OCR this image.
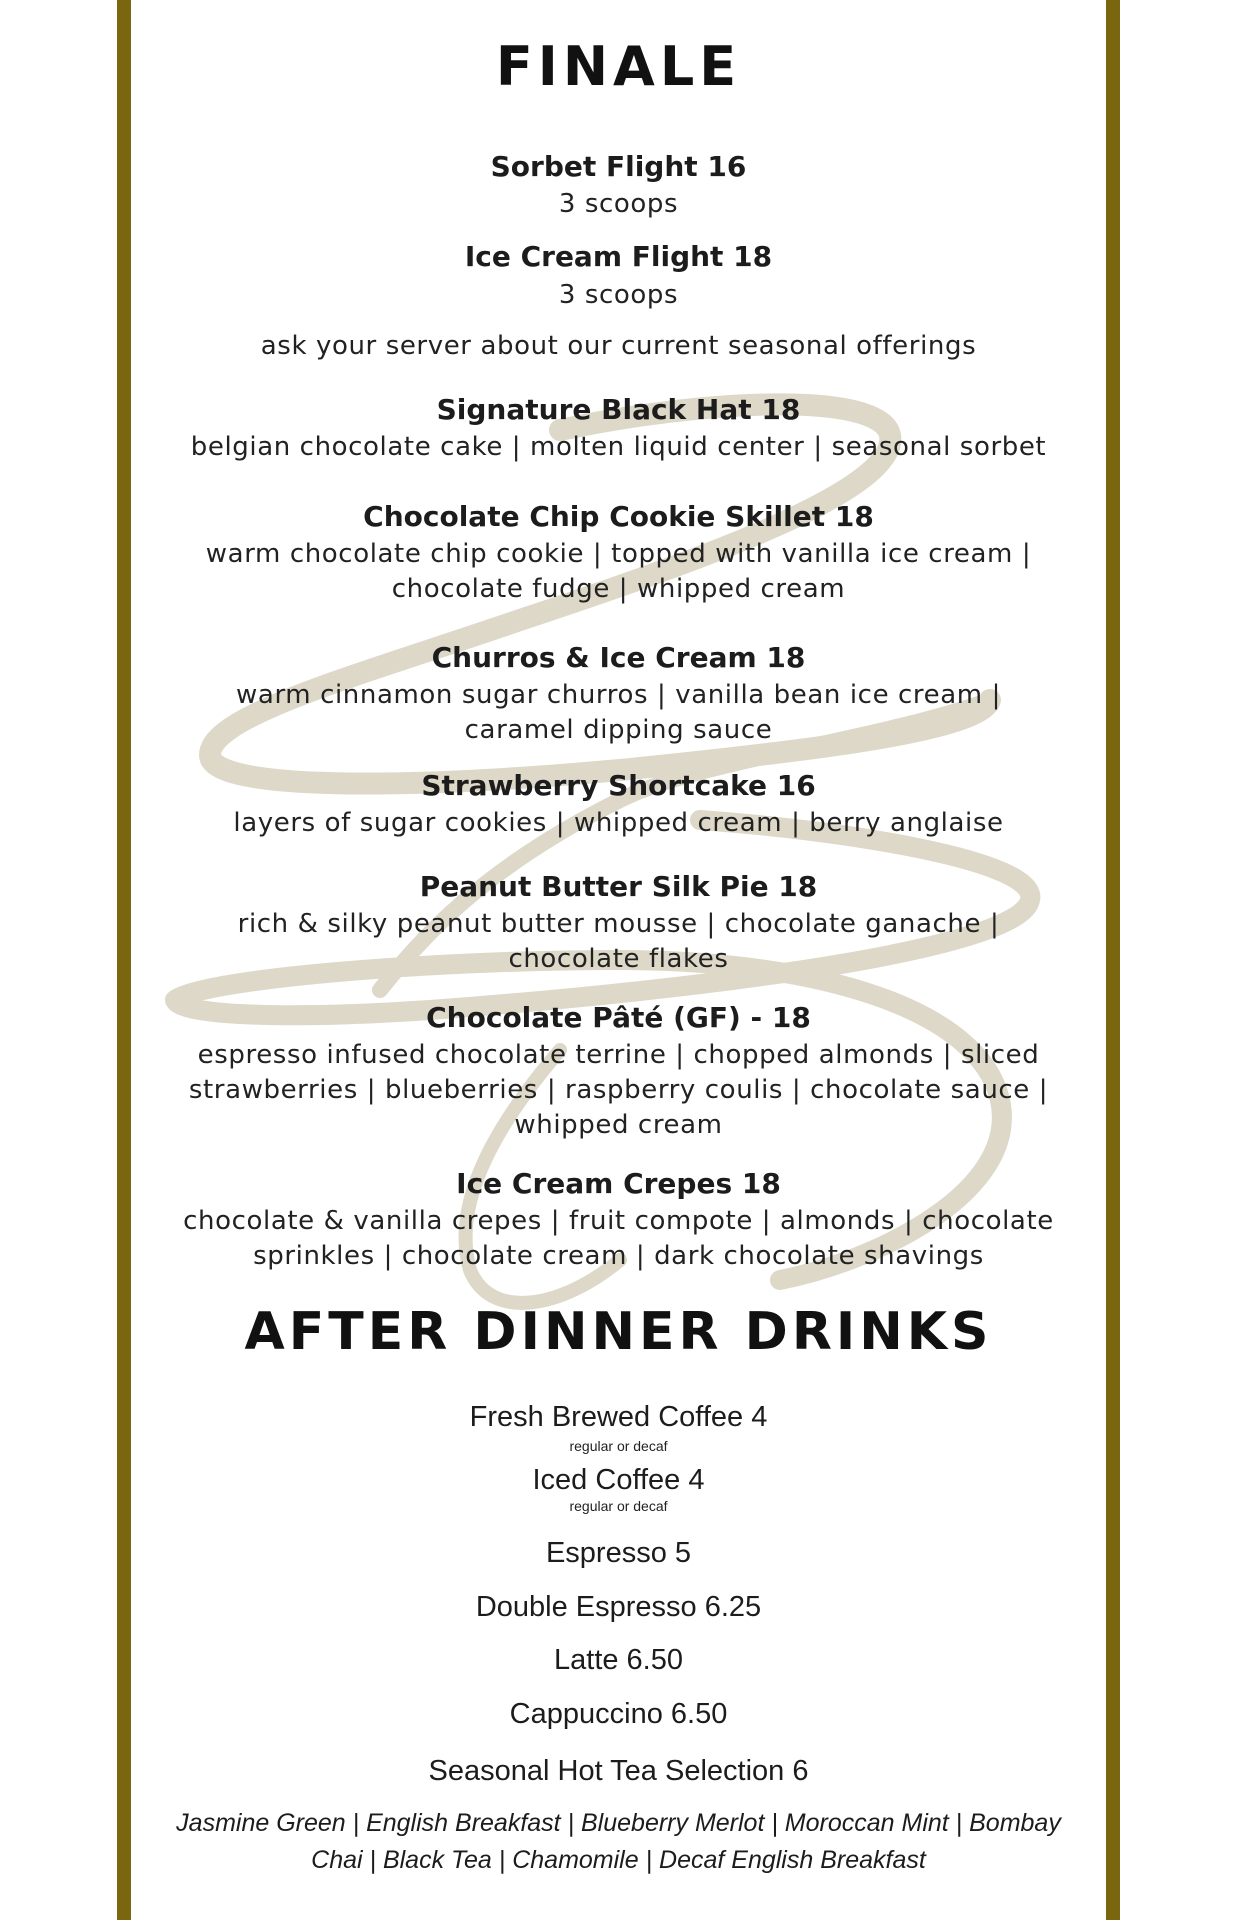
FINALE
Sorbet Flight 16
3 scoops
Ice Cream Flight 18
3 scoops
ask your server about our current seasonal offerings
Signature Black Hat 18
belgian chocolate cake | molten liquid center | seasonal sorbet
Chocolate Chip Cookie Skillet 18
warm chocolate chip cookie | topped with vanilla ice cream |
chocolate fudge | whipped cream
Churros & Ice Cream 18
warm cinnamon sugar churros | vanilla bean ice cream |
caramel dipping sauce
Strawberry Shortcake 16
layers of sugar cookies | whipped cream | berry anglaise
Peanut Butter Silk Pie 18
rich & silky peanut butter mousse | chocolate ganache |
chocolate flakes
Chocolate Pâté (GF) - 18
espresso infused chocolate terrine | chopped almonds | sliced
strawberries | blueberries | raspberry coulis | chocolate sauce |
whipped cream
Ice Cream Crepes 18
chocolate & vanilla crepes | fruit compote | almonds | chocolate
sprinkles | chocolate cream | dark chocolate shavings
AFTER DINNER DRINKS
Fresh Brewed Coffee 4
regular or decaf
Iced Coffee 4
regular or decaf
Espresso 5
Double Espresso 6.25
Latte 6.50
Cappuccino 6.50
Seasonal Hot Tea Selection 6
Jasmine Green | English Breakfast | Blueberry Merlot | Moroccan Mint | Bombay
Chai | Black Tea | Chamomile | Decaf English Breakfast
